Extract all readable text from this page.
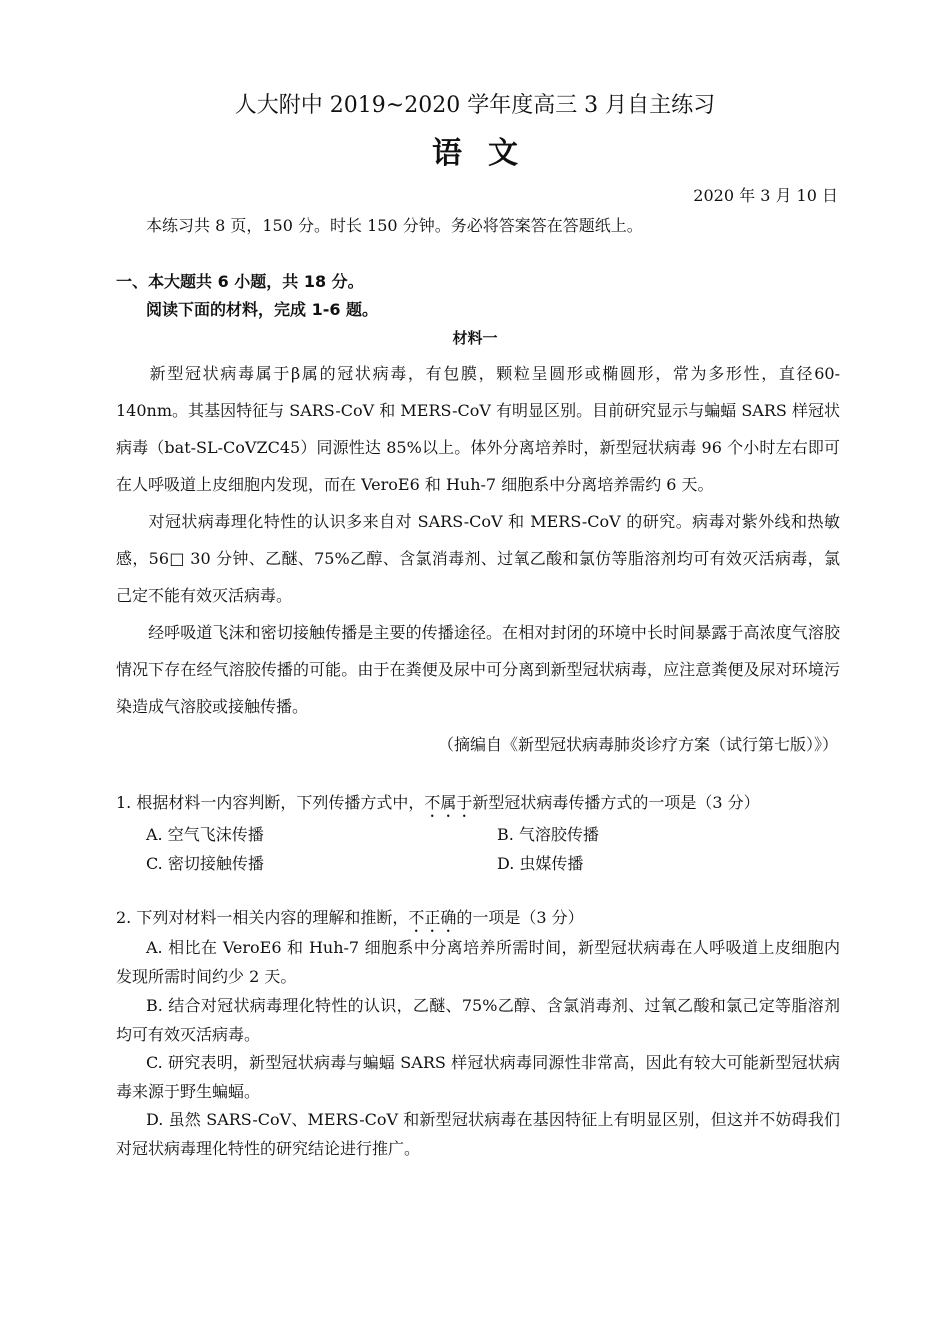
人大附中 2019~2020 学年度高三 3 月自主练习
语文
2020 年 3 月 10 日
本练习共 8 页，150 分。时长 150 分钟。务必将答案答在答题纸上。
一、本大题共 6 小题，共 18 分。
阅读下面的材料，完成 1-6 题。
材料一
新型冠状病毒属于β属的冠状病毒，有包膜，颗粒呈圆形或椭圆形，常为多形性，直径60-140nm。其基因特征与 SARS-CoV 和 MERS-CoV 有明显区别。目前研究显示与蝙蝠 SARS 样冠状病毒（bat-SL-CoVZC45）同源性达 85%以上。体外分离培养时，新型冠状病毒 96 个小时左右即可在人呼吸道上皮细胞内发现，而在 VeroE6 和 Huh-7 细胞系中分离培养需约 6 天。
对冠状病毒理化特性的认识多来自对 SARS-CoV 和 MERS-CoV 的研究。病毒对紫外线和热敏感，56□ 30 分钟、乙醚、75%乙醇、含氯消毒剂、过氧乙酸和氯仿等脂溶剂均可有效灭活病毒，氯己定不能有效灭活病毒。
经呼吸道飞沫和密切接触传播是主要的传播途径。在相对封闭的环境中长时间暴露于高浓度气溶胶情况下存在经气溶胶传播的可能。由于在粪便及尿中可分离到新型冠状病毒，应注意粪便及尿对环境污染造成气溶胶或接触传播。
（摘编自《新型冠状病毒肺炎诊疗方案（试行第七版）》）
1. 根据材料一内容判断，下列传播方式中，不属于新型冠状病毒传播方式的一项是（3 分）
A. 空气飞沫传播	B. 气溶胶传播
C. 密切接触传播	D. 虫媒传播
2. 下列对材料一相关内容的理解和推断，不正确的一项是（3 分）
A. 相比在 VeroE6 和 Huh-7 细胞系中分离培养所需时间，新型冠状病毒在人呼吸道上皮细胞内发现所需时间约少 2 天。
B. 结合对冠状病毒理化特性的认识，乙醚、75%乙醇、含氯消毒剂、过氧乙酸和氯己定等脂溶剂均可有效灭活病毒。
C. 研究表明，新型冠状病毒与蝙蝠 SARS 样冠状病毒同源性非常高，因此有较大可能新型冠状病毒来源于野生蝙蝠。
D. 虽然 SARS-CoV、MERS-CoV 和新型冠状病毒在基因特征上有明显区别，但这并不妨碍我们对冠状病毒理化特性的研究结论进行推广。
